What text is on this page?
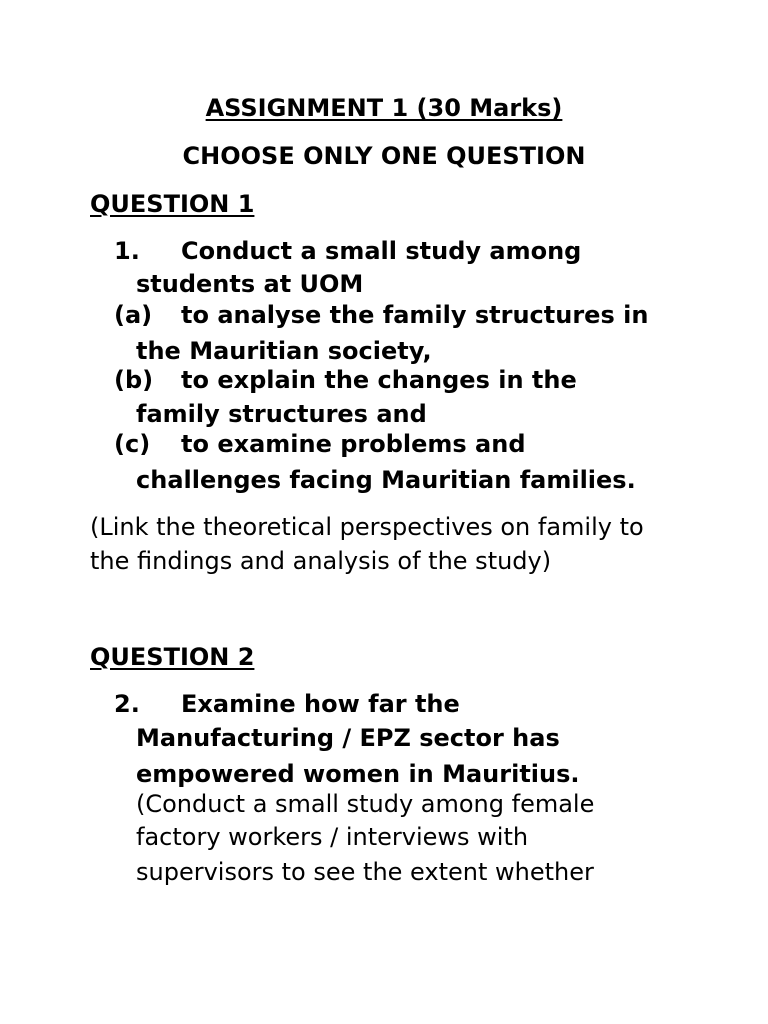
ASSIGNMENT 1 (30 Marks)
CHOOSE ONLY ONE QUESTION
QUESTION 1
1. Conduct a small study among
students at UOM
(a) to analyse the family structures in
the Mauritian society,
(b) to explain the changes in the
family structures and
(c) to examine problems and
challenges facing Mauritian families.
(Link the theoretical perspectives on family to
the findings and analysis of the study)
QUESTION 2
2. Examine how far the
Manufacturing / EPZ sector has
empowered women in Mauritius.
(Conduct a small study among female
factory workers / interviews with
supervisors to see the extent whether
